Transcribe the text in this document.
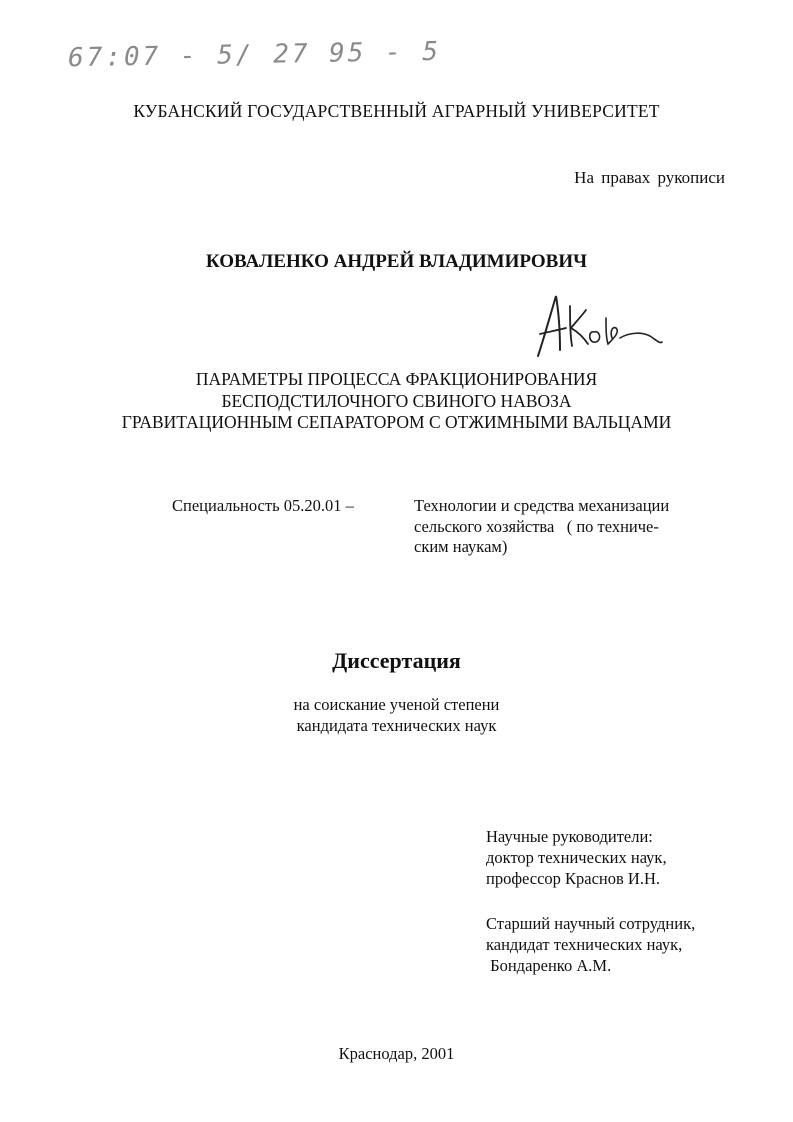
67:07 - 5/ 27 95 - 5
КУБАНСКИЙ ГОСУДАРСТВЕННЫЙ АГРАРНЫЙ УНИВЕРСИТЕТ
На правах рукописи
КОВАЛЕНКО АНДРЕЙ ВЛАДИМИРОВИЧ
ПАРАМЕТРЫ ПРОЦЕССА ФРАКЦИОНИРОВАНИЯ
БЕСПОДСТИЛОЧНОГО СВИНОГО НАВОЗА
ГРАВИТАЦИОННЫМ СЕПАРАТОРОМ С ОТЖИМНЫМИ ВАЛЬЦАМИ
Специальность 05.20.01 –	Технологии и средства механизации
сельского хозяйства   ( по техниче-
ским наукам)
Диссертация
на соискание ученой степени
кандидата технических наук
Научные руководители:
доктор технических наук,
профессор Краснов И.Н.
Старший научный сотрудник,
кандидат технических наук,
Бондаренко А.М.
Краснодар, 2001
